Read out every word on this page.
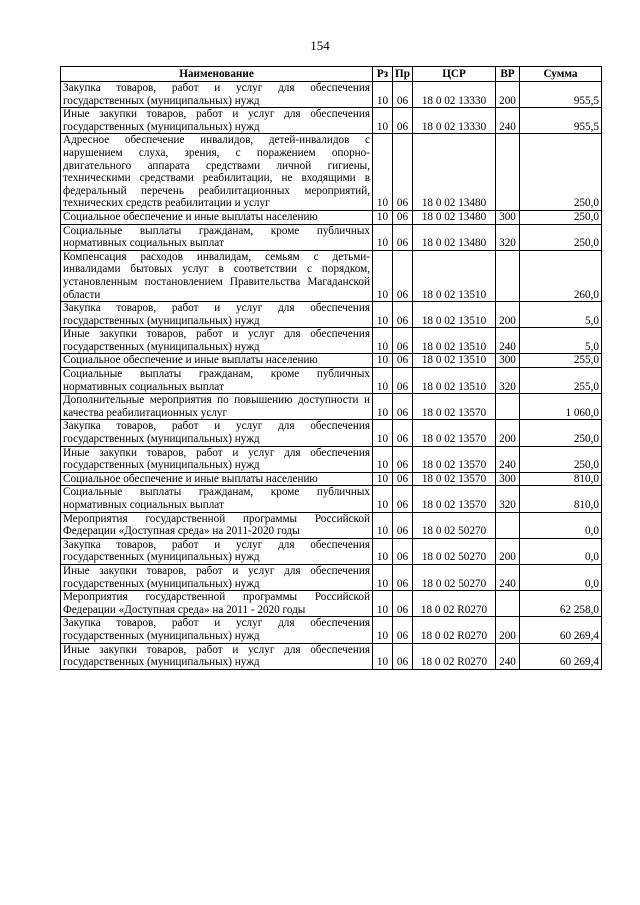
154
Наименование	Рз	Пр	ЦСР	ВР	Сумма
Закупка товаров, работ и услуг для обеспечения государственных (муниципальных) нужд	10	06	18 0 02 13330	200	955,5
Иные закупки товаров, работ и услуг для обеспечения государственных (муниципальных) нужд	10	06	18 0 02 13330	240	955,5
Адресное обеспечение инвалидов, детей-инвалидов с нарушением слуха, зрения, с поражением опорно-двигательного аппарата средствами личной гигиены, техническими средствами реабилитации, не входящими в федеральный перечень реабилитационных мероприятий, технических средств реабилитации и услуг	10	06	18 0 02 13480		250,0
Социальное обеспечение и иные выплаты населению	10	06	18 0 02 13480	300	250,0
Социальные выплаты гражданам, кроме публичных нормативных социальных выплат	10	06	18 0 02 13480	320	250,0
Компенсация расходов инвалидам, семьям с детьми-инвалидами бытовых услуг в соответствии с порядком, установленным постановлением Правительства Магаданской области	10	06	18 0 02 13510		260,0
Закупка товаров, работ и услуг для обеспечения государственных (муниципальных) нужд	10	06	18 0 02 13510	200	5,0
Иные закупки товаров, работ и услуг для обеспечения государственных (муниципальных) нужд	10	06	18 0 02 13510	240	5,0
Социальное обеспечение и иные выплаты населению	10	06	18 0 02 13510	300	255,0
Социальные выплаты гражданам, кроме публичных нормативных социальных выплат	10	06	18 0 02 13510	320	255,0
Дополнительные мероприятия по повышению доступности и качества реабилитационных услуг	10	06	18 0 02 13570		1 060,0
Закупка товаров, работ и услуг для обеспечения государственных (муниципальных) нужд	10	06	18 0 02 13570	200	250,0
Иные закупки товаров, работ и услуг для обеспечения государственных (муниципальных) нужд	10	06	18 0 02 13570	240	250,0
Социальное обеспечение и иные выплаты населению	10	06	18 0 02 13570	300	810,0
Социальные выплаты гражданам, кроме публичных нормативных социальных выплат	10	06	18 0 02 13570	320	810,0
Мероприятия государственной программы Российской Федерации «Доступная среда» на 2011-2020 годы	10	06	18 0 02 50270		0,0
Закупка товаров, работ и услуг для обеспечения государственных (муниципальных) нужд	10	06	18 0 02 50270	200	0,0
Иные закупки товаров, работ и услуг для обеспечения государственных (муниципальных) нужд	10	06	18 0 02 50270	240	0,0
Мероприятия государственной программы Российской Федерации «Доступная среда» на 2011 - 2020 годы	10	06	18 0 02 R0270		62 258,0
Закупка товаров, работ и услуг для обеспечения государственных (муниципальных) нужд	10	06	18 0 02 R0270	200	60 269,4
Иные закупки товаров, работ и услуг для обеспечения государственных (муниципальных) нужд	10	06	18 0 02 R0270	240	60 269,4
